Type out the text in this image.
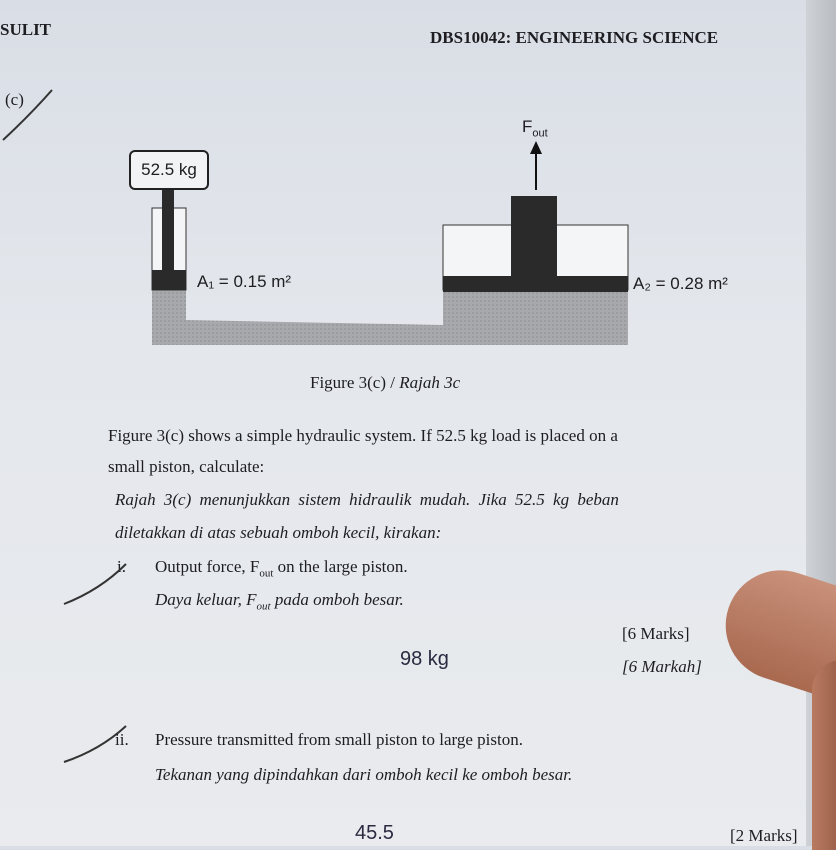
SULIT	DBS10042: ENGINEERING SCIENCE
(c)
52.5 kg
A₁ = 0.15 m²	A₂ = 0.28 m²
$F_{out}$
Figure 3(c) / Rajah 3c
Figure 3(c) shows a simple hydraulic system. If 52.5 kg load is placed on a
small piston, calculate:
Rajah 3(c) menunjukkan sistem hidraulik mudah. Jika 52.5 kg beban
diletakkan di atas sebuah omboh kecil, kirakan:
i. Output force, $F_{out}$ on the large piston.
Daya keluar, $F_{out}$ pada omboh besar.
[6 Marks]
98 kg	[6 Markah]
ii. Pressure transmitted from small piston to large piston.
Tekanan yang dipindahkan dari omboh kecil ke omboh besar.
45.5	[2 Marks]
